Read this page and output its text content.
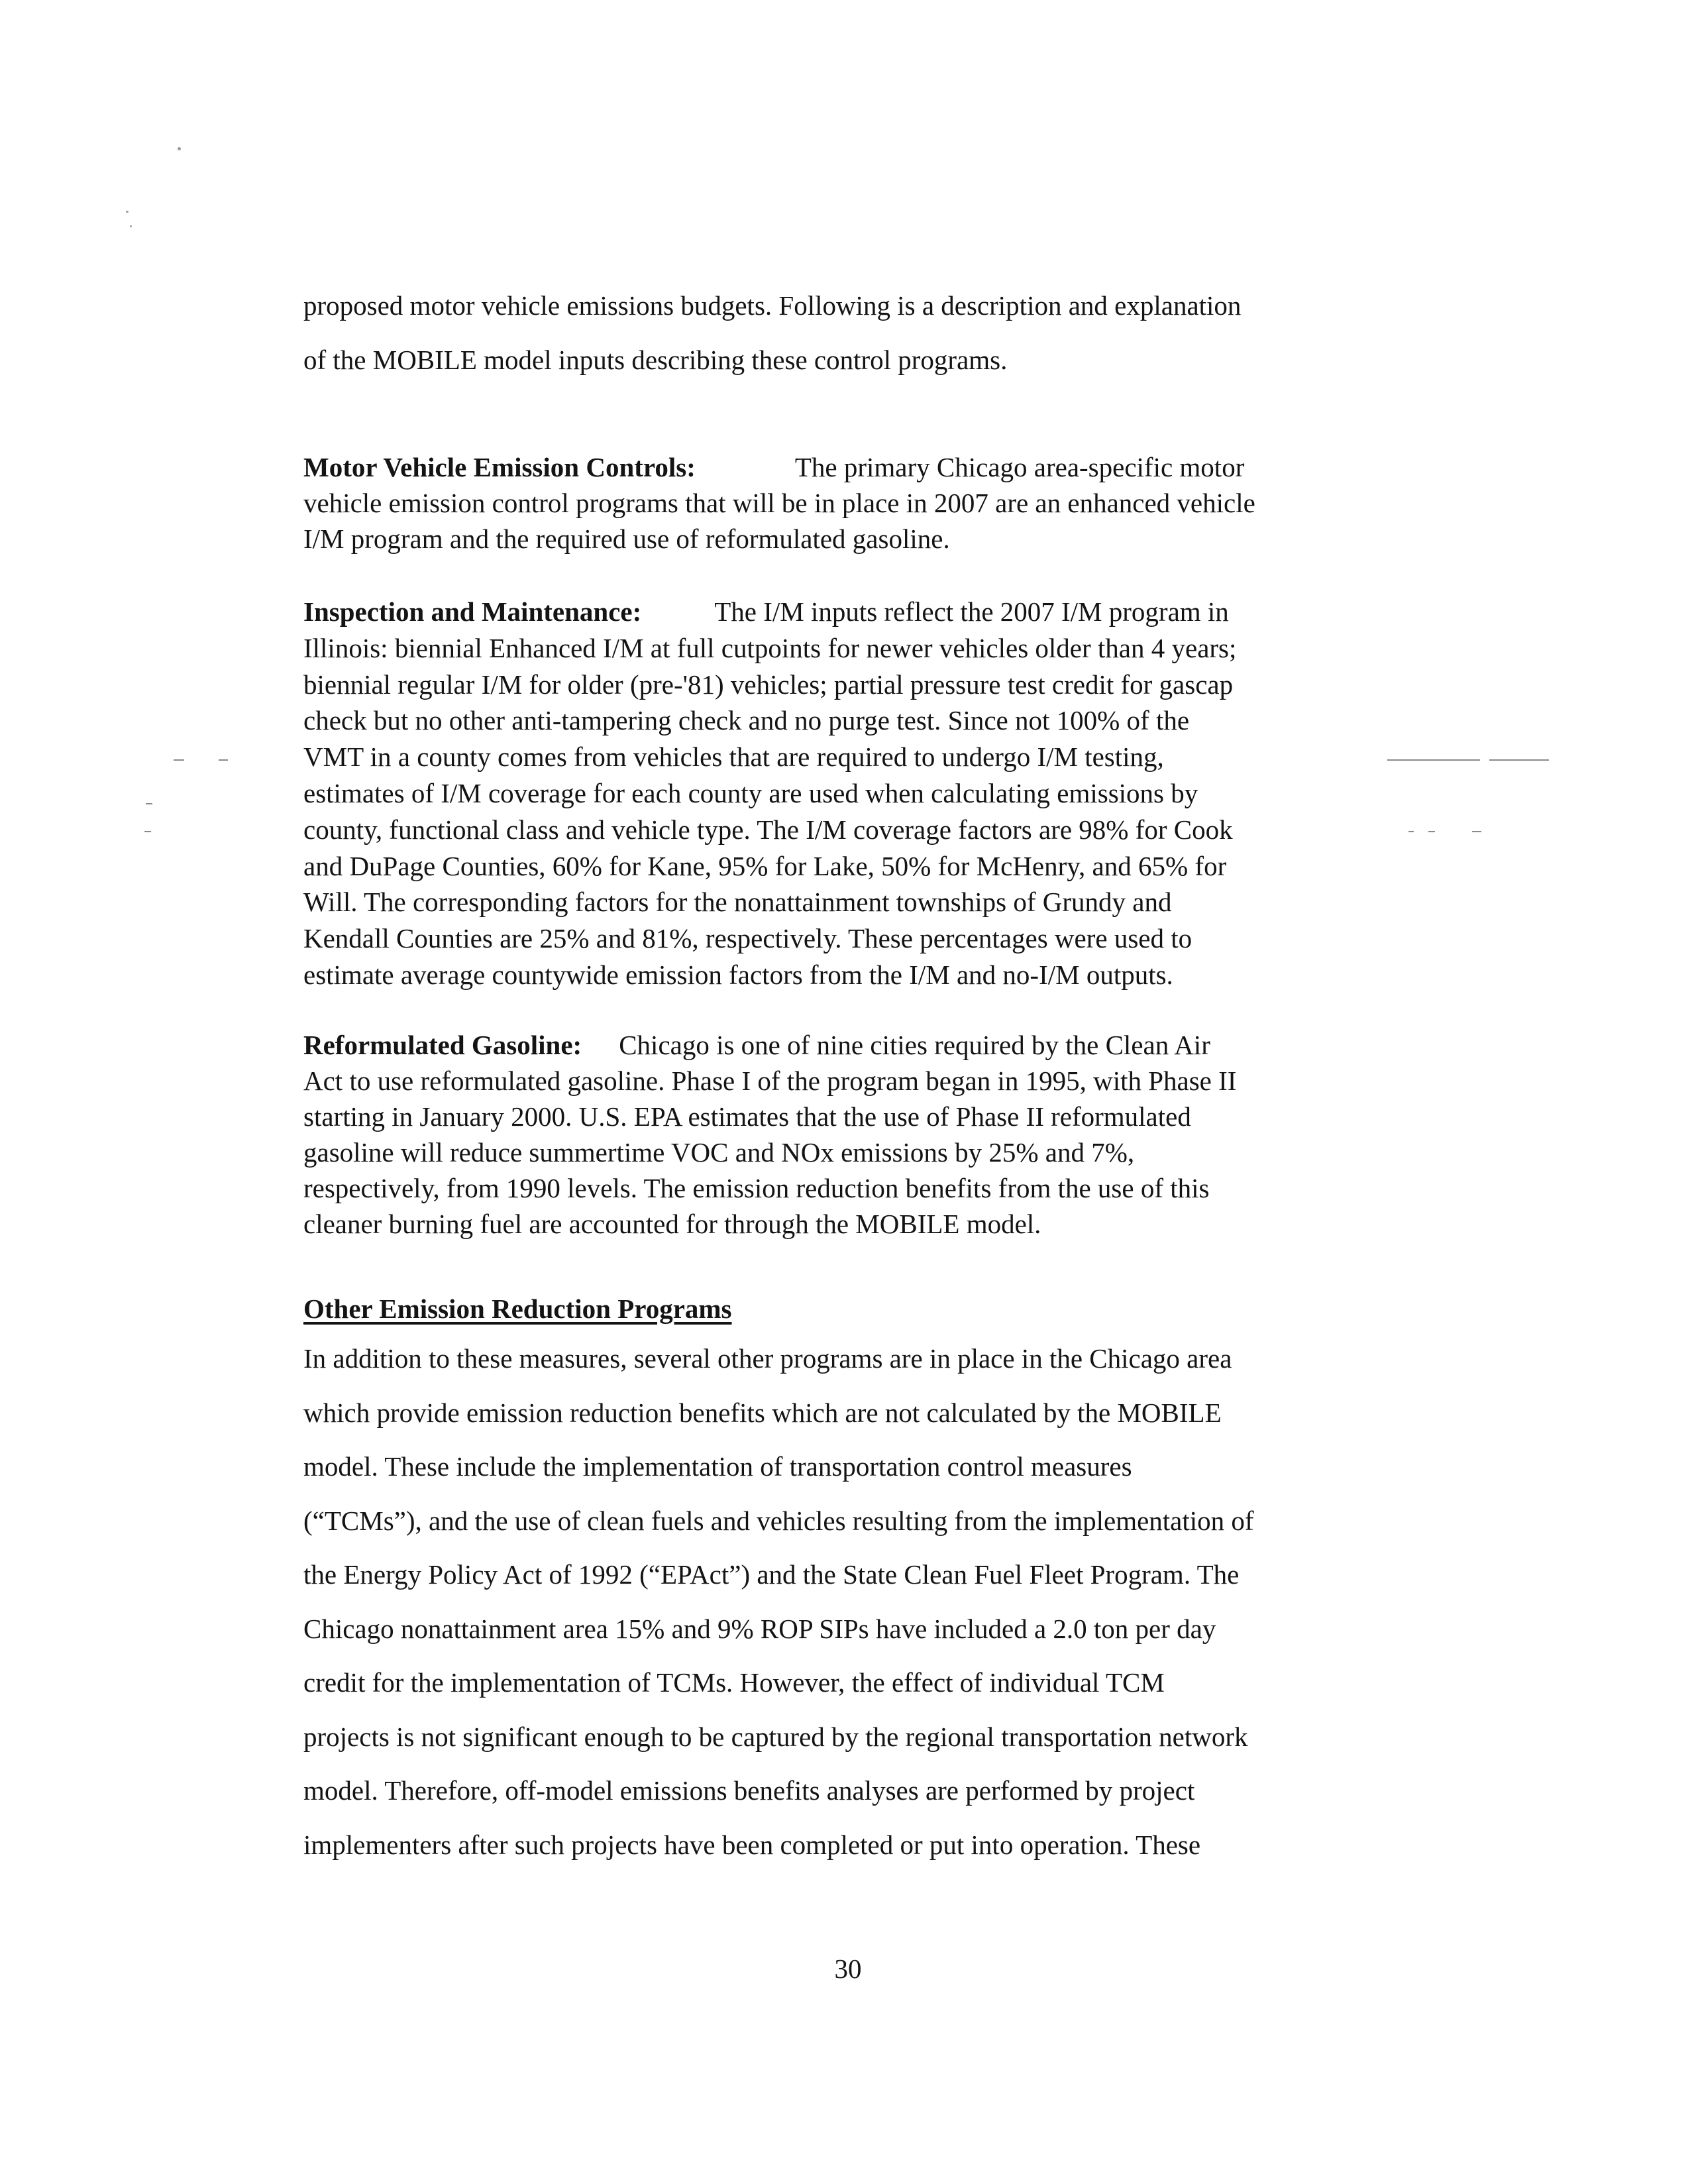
proposed motor vehicle emissions budgets. Following is a description and explanation
of the MOBILE model inputs describing these control programs.
Motor Vehicle Emission Controls:	The primary Chicago area-specific motor
vehicle emission control programs that will be in place in 2007 are an enhanced vehicle
I/M program and the required use of reformulated gasoline.
Inspection and Maintenance:	The I/M inputs reflect the 2007 I/M program in
Illinois: biennial Enhanced I/M at full cutpoints for newer vehicles older than 4 years;
biennial regular I/M for older (pre-'81) vehicles; partial pressure test credit for gascap
check but no other anti-tampering check and no purge test. Since not 100% of the
VMT in a county comes from vehicles that are required to undergo I/M testing,
estimates of I/M coverage for each county are used when calculating emissions by
county, functional class and vehicle type. The I/M coverage factors are 98% for Cook
and DuPage Counties, 60% for Kane, 95% for Lake, 50% for McHenry, and 65% for
Will. The corresponding factors for the nonattainment townships of Grundy and
Kendall Counties are 25% and 81%, respectively. These percentages were used to
estimate average countywide emission factors from the I/M and no-I/M outputs.
Reformulated Gasoline: Chicago is one of nine cities required by the Clean Air
Act to use reformulated gasoline. Phase I of the program began in 1995, with Phase II
starting in January 2000. U.S. EPA estimates that the use of Phase II reformulated
gasoline will reduce summertime VOC and NOx emissions by 25% and 7%,
respectively, from 1990 levels. The emission reduction benefits from the use of this
cleaner burning fuel are accounted for through the MOBILE model.
Other Emission Reduction Programs
In addition to these measures, several other programs are in place in the Chicago area
which provide emission reduction benefits which are not calculated by the MOBILE
model. These include the implementation of transportation control measures
(“TCMs”), and the use of clean fuels and vehicles resulting from the implementation of
the Energy Policy Act of 1992 (“EPAct”) and the State Clean Fuel Fleet Program. The
Chicago nonattainment area 15% and 9% ROP SIPs have included a 2.0 ton per day
credit for the implementation of TCMs. However, the effect of individual TCM
projects is not significant enough to be captured by the regional transportation network
model. Therefore, off-model emissions benefits analyses are performed by project
implementers after such projects have been completed or put into operation. These
30
